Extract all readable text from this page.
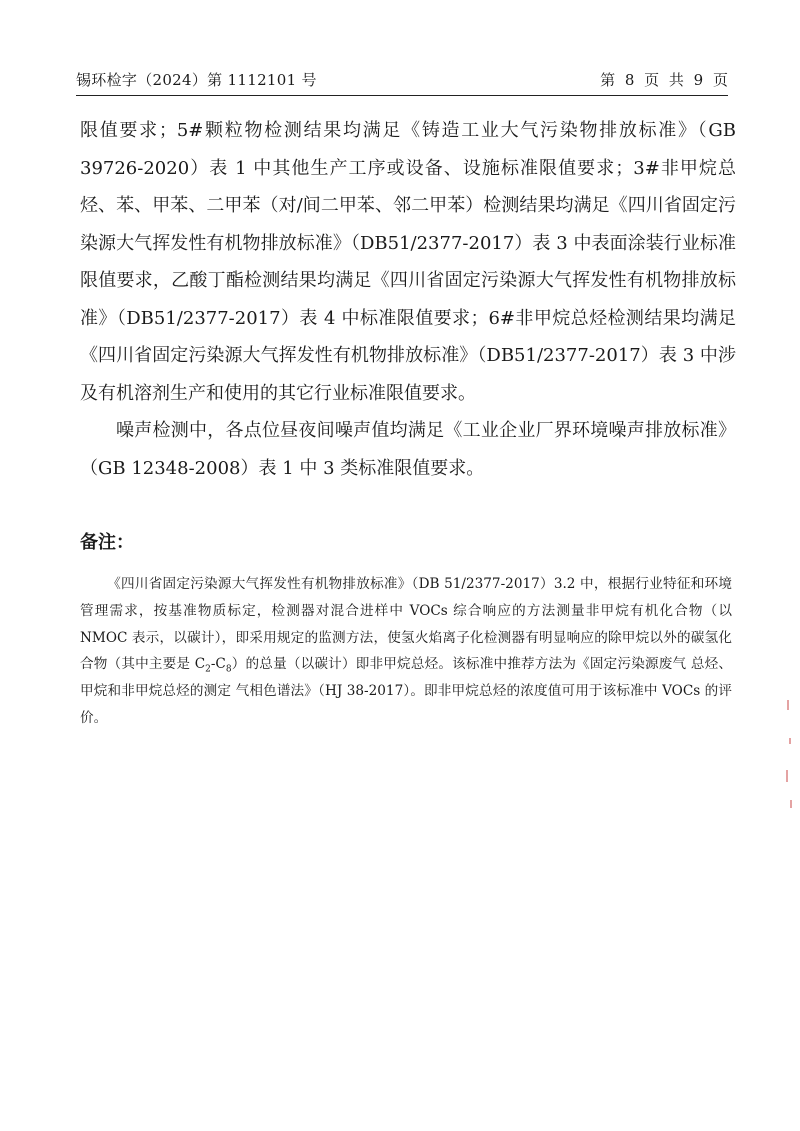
锡环检字（2024）第 1112101 号	第 8 页 共 9 页

限值要求；5#颗粒物检测结果均满足《铸造工业大气污染物排放标准》（GB 39726-2020）表 1 中其他生产工序或设备、设施标准限值要求；3#非甲烷总烃、苯、甲苯、二甲苯（对/间二甲苯、邻二甲苯）检测结果均满足《四川省固定污染源大气挥发性有机物排放标准》（DB51/2377-2017）表 3 中表面涂装行业标准限值要求，乙酸丁酯检测结果均满足《四川省固定污染源大气挥发性有机物排放标准》（DB51/2377-2017）表 4 中标准限值要求；6#非甲烷总烃检测结果均满足《四川省固定污染源大气挥发性有机物排放标准》（DB51/2377-2017）表 3 中涉及有机溶剂生产和使用的其它行业标准限值要求。

噪声检测中，各点位昼夜间噪声值均满足《工业企业厂界环境噪声排放标准》（GB 12348-2008）表 1 中 3 类标准限值要求。

备注：

《四川省固定污染源大气挥发性有机物排放标准》（DB 51/2377-2017）3.2 中，根据行业特征和环境管理需求，按基准物质标定，检测器对混合进样中 VOCs 综合响应的方法测量非甲烷有机化合物（以 NMOC 表示，以碳计），即采用规定的监测方法，使氢火焰离子化检测器有明显响应的除甲烷以外的碳氢化合物（其中主要是 $C_2-C_8$）的总量（以碳计）即非甲烷总烃。该标准中推荐方法为《固定污染源废气 总烃、甲烷和非甲烷总烃的测定 气相色谱法》（HJ 38-2017）。即非甲烷总烃的浓度值可用于该标准中 VOCs 的评价。
